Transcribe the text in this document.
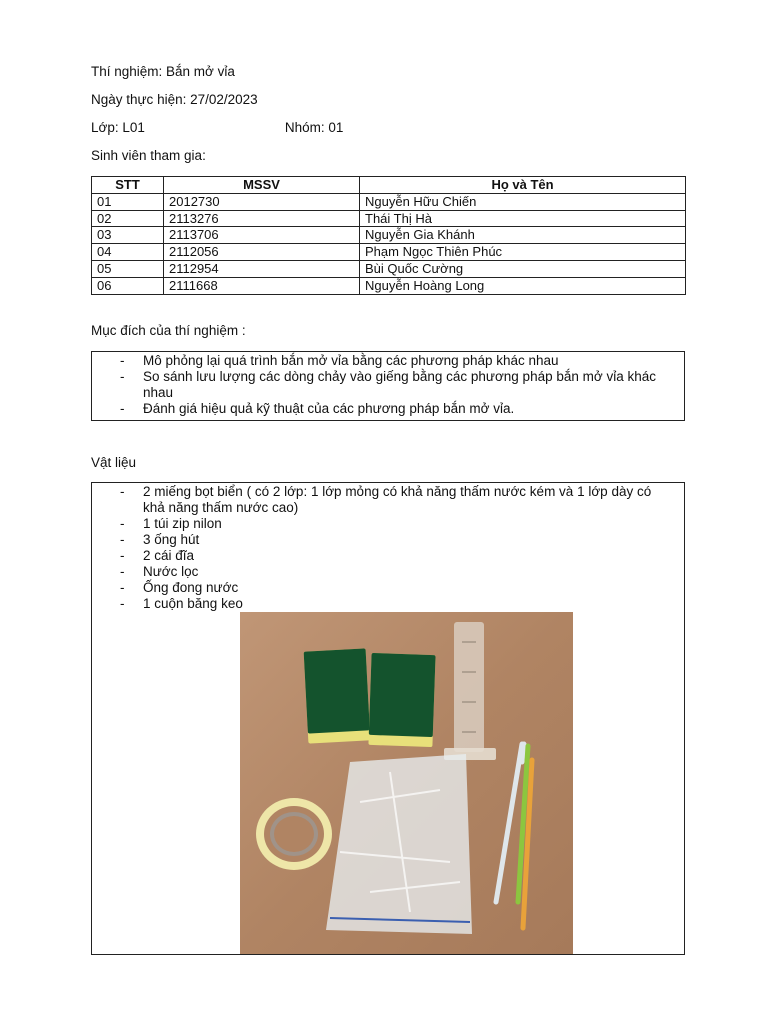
Thí nghiệm: Bắn mở vỉa
Ngày thực hiện: 27/02/2023
Lớp: L01	Nhóm: 01
Sinh viên tham gia:
STT	MSSV	Họ và Tên
01	2012730	Nguyễn Hữu Chiến
02	2113276	Thái Thị Hà
03	2113706	Nguyễn Gia Khánh
04	2112056	Phạm Ngọc Thiên Phúc
05	2112954	Bùi Quốc Cường
06	2111668	Nguyễn Hoàng Long
Mục đích của thí nghiệm :
- Mô phỏng lại quá trình bắn mở vỉa bằng các phương pháp khác nhau
- So sánh lưu lượng các dòng chảy vào giếng bằng các phương pháp bắn mở vỉa khác nhau
- Đánh giá hiệu quả kỹ thuật của các phương pháp bắn mở vỉa.
Vật liệu
- 2 miếng bọt biển ( có 2 lớp: 1 lớp mỏng có khả năng thấm nước kém và 1 lớp dày có khả năng thấm nước cao)
- 1 túi zip nilon
- 3 ống hút
- 2 cái đĩa
- Nước lọc
- Ống đong nước
- 1 cuộn băng keo
